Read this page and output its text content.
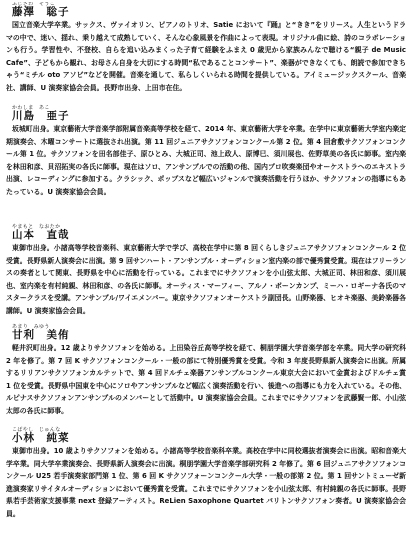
ふじさわ　そうこ
藤澤　聡子

国立音楽大学卒業。サックス、ヴァイオリン、ピアノのトリオ、Satie において『踊』と“きき”をリリース。人生というドラマの中で、迷い、揺れ、乗り越えて成熟していく、そんな心象風景を作曲によって表現。オリジナル曲に絵、詩のコラボレーションも行う。学習性や、不登校、自らを追い込みまくった子育て経験をふまえ 0 歳児から家族みんなで聴ける“親子 de Music Cafe”、子どもから観れ、お母さん自身を大切にする時間“私であることコンサート”、楽器ができなくても、朗読で参加できちゃう“ミチル oto アソビ”などを開催。音楽を通して、私らしくいられる時間を提供している。アイミュージックスクール、音楽社、講師、U 演奏家協会会員。長野市出身、上田市在住。

かわしま　あこ
川島　亜子

坂城町出身。東京藝術大学音楽学部附属音楽高等学校を経て、2014 年、東京藝術大学を卒業。在学中に東京藝術大学室内楽定期演奏会、木曜コンサートに選抜され出演。第 11 回ジュニアサクソフォンコンクール第 2 位。第 4 回倉敷サクソフォンコンクール第 1 位。サクソフォンを田名部佳子、原ひとみ、大城正司、池上政人、原博巳、須川展也、佐野草美の各氏に師事。室内楽を林田和彦、貝沼拓実の各氏に師事。現在はソロ、アンサンブルでの活動の他、国内プロ吹奏楽団やオーケストラへのエキストラ出演、レコーディングに参加する。クラシック、ポップスなど幅広いジャンルで演奏活動を行うほか、サクソフォンの指導にもあたっている。U 演奏家協会会員。

やまもと　なおたか
山本　直哉

東御市出身。小諸高等学校音楽科、東京藝術大学で学び、高校在学中に第 8 回くらしきジュニアサクソフォンコンクール 2 位受賞。長野県新人演奏会に出演。第 9 回サンハート・アンサンブル・オーディション室内楽の部で優秀賞受賞。現在はフリーランスの奏者として関東、長野県を中心に活動を行っている。これまでにサクソフォンを小山弦太郎、大城正司、林田和彦、須川展也、室内楽を有村純親、林田和彦、の各氏に師事。オーティス・マーフィー、アルノ・ボーンカンプ、ミーハ・ロギーナ各氏のマスタークラスを受講。アンサンブル/ワイエメンバー。東京サクソフォンオーケストラ副団長。山野楽器、ヒオキ楽器、美鈴楽器各講師。U 演奏家協会会員。

あまり　みゆう
甘利　美侑

軽井沢町出身。12 歳よりサクソフォンを始める。上田染谷丘高等学校を経て、桐朋学園大学音楽学部を卒業。同大学の研究科 2 年を修了。第 7 回 K サクソフォンコンクール・一般の部にて特別優秀賞を受賞。令和 3 年度長野県新人演奏会に出演。所属するリリアンサクソフォンカルテットで、第 4 回ドルチェ楽器アンサンブルコンクール東京大会において金賞およびドルチェ賞 1 位を受賞。長野県中国東を中心にソロやアンサンブルなど幅広く演奏活動を行い、後進への指導にも力を入れている。その他、ルピナスサクソフォンアンサンブルのメンバーとして活動中。U 演奏家協会会員。これまでにサクソフォンを武藤賢一郎、小山弦太郎の各氏に師事。

こばやし　じゅんな
小林　純菜

東御市出身。10 歳よりサクソフォンを始める。小諸高等学校音楽科卒業。高校在学中に同校選抜者演奏会に出演。昭和音楽大学卒業。同大学卒業演奏会、長野県新人演奏会に出演。桐朋学園大学音楽学部研究科 2 年修了。第 6 回ジュニアサクソフォンコンクール U25 若手演奏家部門第 1 位、第 6 回 K サクソフォーンコンクール大学・一般の部第 2 位。第 1 回サントミューゼ新進演奏家リサイタルオーディションにおいて優秀賞を受賞。これまでにサクソフォンを小山弦太郎、有村純親の各氏に師事。長野県若手芸術家支援事業 next 登録アーティスト。ReLien Saxophone Quartet バリトンサクソフォン奏者。U 演奏家協会会員。
